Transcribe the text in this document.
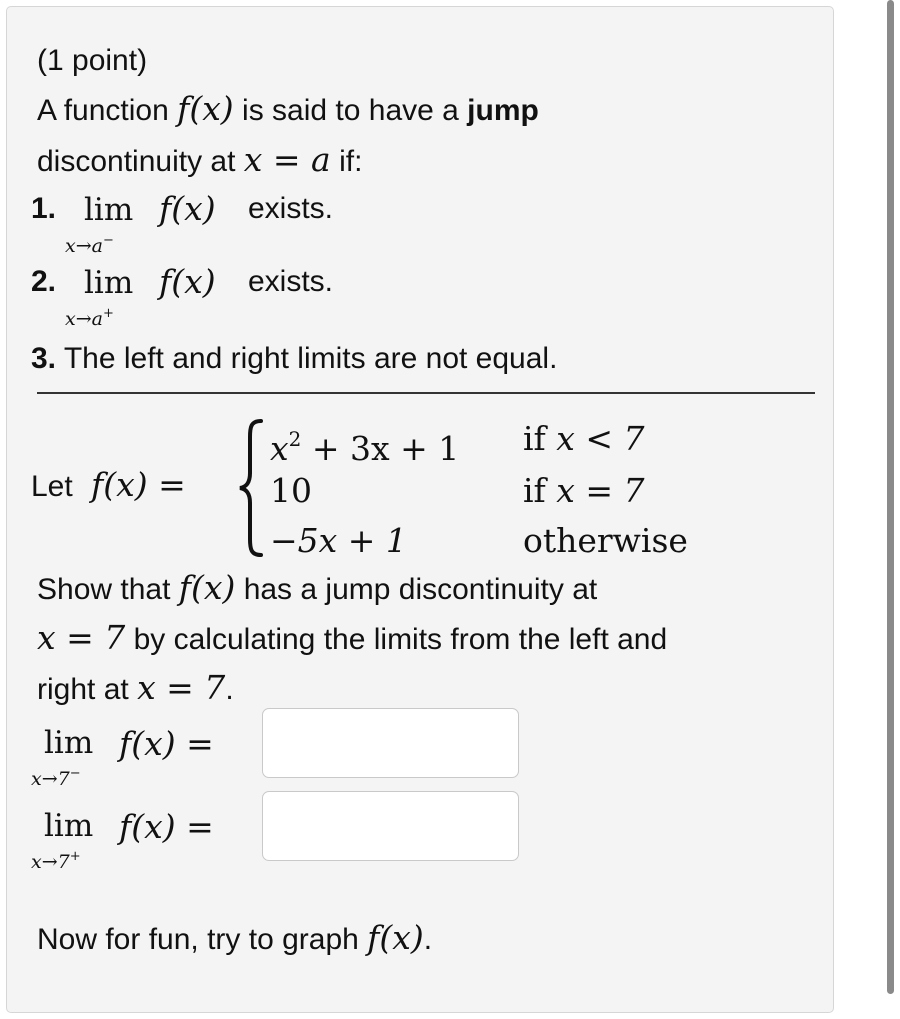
(1 point)
A function f(x) is said to have a jump
discontinuity at x = a if:
1. lim
x→a−
f(x) exists.
2. lim
x→a+
f(x) exists.
3. The left and right limits are not equal.
Let f(x) =
$x^2 + 3x + 1$ if x < 7
10	if x = 7
−5x + 1	otherwise
Show that f(x) has a jump discontinuity at
x = 7 by calculating the limits from the left and
right at x = 7.
lim
x→7−
f(x) =
lim
x→7+
f(x) =
Now for fun, try to graph f(x).
